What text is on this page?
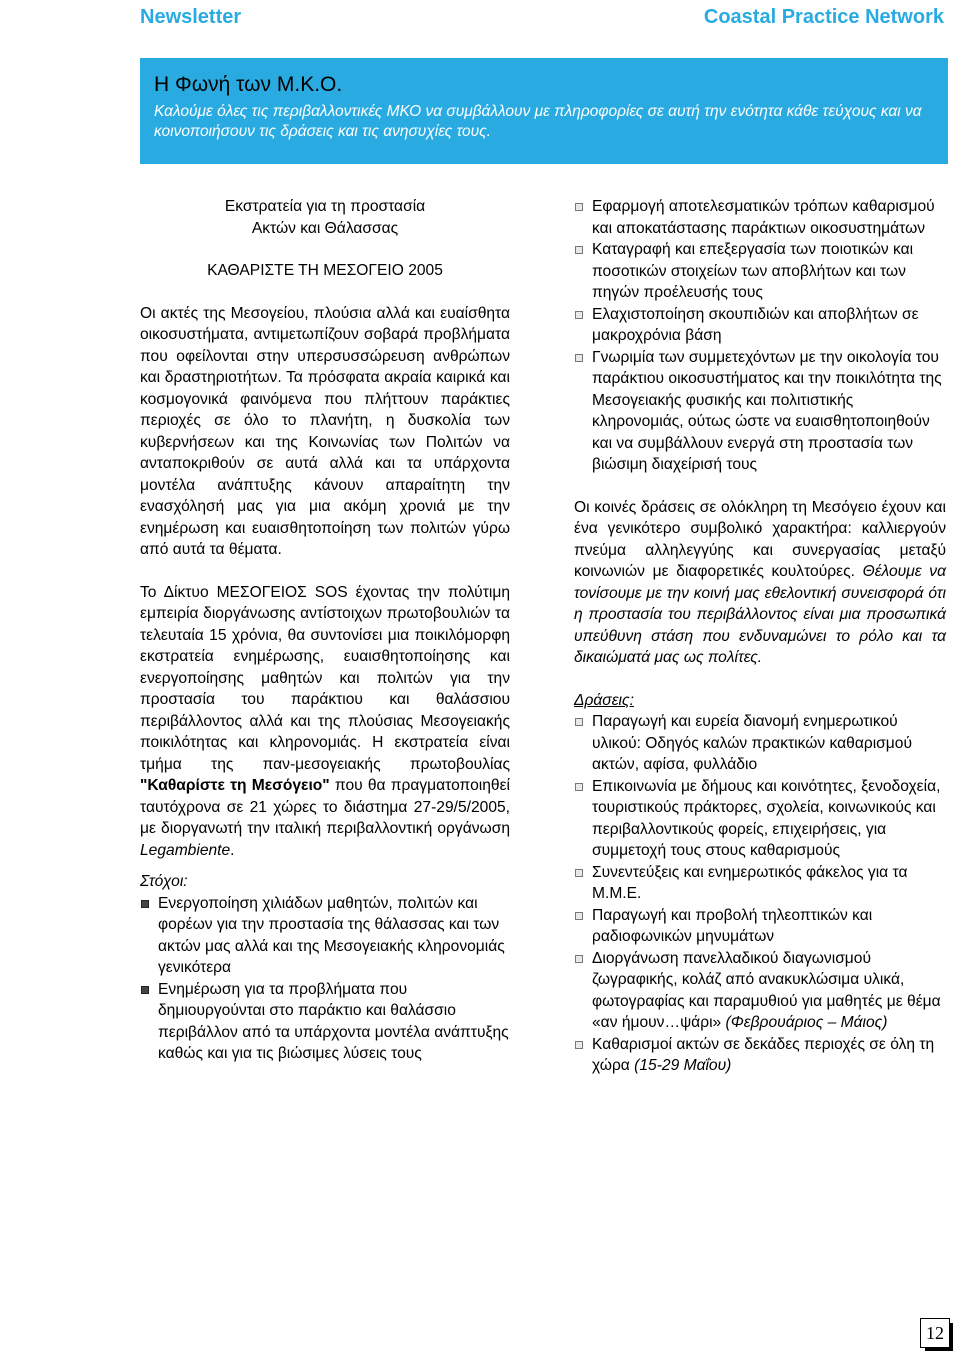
Newsletter	Coastal Practice Network
Η Φωνή των Μ.Κ.Ο.

Καλούμε όλες τις περιβαλλοντικές ΜΚΟ να συμβάλλουν με πληροφορίες σε αυτή την ενότητα κάθε τεύχους και να κοινοποιήσουν τις δράσεις και τις ανησυχίες τους.

Εκστρατεία για τη προστασία
Ακτών και Θάλασσας
ΚΑΘΑΡΙΣΤΕ ΤΗ ΜΕΣΟΓΕΙΟ 2005

Οι ακτές της Μεσογείου, πλούσια αλλά και ευαίσθητα οικοσυστήματα, αντιμετωπίζουν σοβαρά προβλήματα που οφείλονται στην υπερσυσσώρευση ανθρώπων και δραστηριοτήτων. Τα πρόσφατα ακραία καιρικά και κοσμογονικά φαινόμενα που πλήττουν παράκτιες περιοχές σε όλο το πλανήτη, η δυσκολία των κυβερνήσεων και της Κοινωνίας των Πολιτών να ανταποκριθούν σε αυτά αλλά και τα υπάρχοντα μοντέλα ανάπτυξης κάνουν απαραίτητη την ενασχόλησή μας για μια ακόμη χρονιά με την ενημέρωση και ευαισθητοποίηση των πολιτών γύρω από αυτά τα θέματα.

Το Δίκτυο ΜΕΣΟΓΕΙΟΣ SOS έχοντας την πολύτιμη εμπειρία διοργάνωσης αντίστοιχων πρωτοβουλιών τα τελευταία 15 χρόνια, θα συντονίσει μια ποικιλόμορφη εκστρατεία ενημέρωσης, ευαισθητοποίησης και ενεργοποίησης μαθητών και πολιτών για την προστασία του παράκτιου και θαλάσσιου περιβάλλοντος αλλά και της πλούσιας Μεσογειακής ποικιλότητας και κληρονομιάς. Η εκστρατεία είναι τμήμα της παν-μεσογειακής πρωτοβουλίας "Καθαρίστε τη Μεσόγειο" που θα πραγματοποιηθεί ταυτόχρονα σε 21 χώρες το διάστημα 27-29/5/2005, με διοργανωτή την ιταλική περιβαλλοντική οργάνωση Legambiente.

Στόχοι:
Ενεργοποίηση χιλιάδων μαθητών, πολιτών και φορέων για την προστασία της θάλασσας και των ακτών μας αλλά και της Μεσογειακής κληρονομιάς γενικότερα
Ενημέρωση για τα προβλήματα που δημιουργούνται στο παράκτιο και θαλάσσιο περιβάλλον από τα υπάρχοντα μοντέλα ανάπτυξης καθώς και για τις βιώσιμες λύσεις τους
Εφαρμογή αποτελεσματικών τρόπων καθαρισμού και αποκατάστασης παράκτιων οικοσυστημάτων
Καταγραφή και επεξεργασία των ποιοτικών και ποσοτικών στοιχείων των αποβλήτων και των πηγών προέλευσής τους
Ελαχιστοποίηση σκουπιδιών και αποβλήτων σε μακροχρόνια βάση
Γνωριμία των συμμετεχόντων με την οικολογία του παράκτιου οικοσυστήματος και την ποικιλότητα της Μεσογειακής φυσικής και πολιτιστικής κληρονομιάς, ούτως ώστε να ευαισθητοποιηθούν και να συμβάλλουν ενεργά στη προστασία των βιώσιμη διαχείρισή τους

Οι κοινές δράσεις σε ολόκληρη τη Μεσόγειο έχουν και ένα γενικότερο συμβολικό χαρακτήρα: καλλιεργούν πνεύμα αλληλεγγύης και συνεργασίας μεταξύ κοινωνιών με διαφορετικές κουλτούρες. Θέλουμε να τονίσουμε με την κοινή μας εθελοντική συνεισφορά ότι η προστασία του περιβάλλοντος είναι μια προσωπικά υπεύθυνη στάση που ενδυναμώνει το ρόλο και τα δικαιώματά μας ως πολίτες.

Δράσεις:
Παραγωγή και ευρεία διανομή ενημερωτικού υλικού: Οδηγός καλών πρακτικών καθαρισμού ακτών, αφίσα, φυλλάδιο
Επικοινωνία με δήμους και κοινότητες, ξενοδοχεία, τουριστικούς πράκτορες, σχολεία, κοινωνικούς και περιβαλλοντικούς φορείς, επιχειρήσεις, για συμμετοχή τους στους καθαρισμούς
Συνεντεύξεις και ενημερωτικός φάκελος για τα Μ.Μ.Ε.
Παραγωγή και προβολή τηλεοπτικών και ραδιοφωνικών μηνυμάτων
Διοργάνωση πανελλαδικού διαγωνισμού ζωγραφικής, κολάζ από ανακυκλώσιμα υλικά, φωτογραφίας και παραμυθιού για μαθητές με θέμα «αν ήμουν…ψάρι» (Φεβρουάριος – Μάιος)
Καθαρισμοί ακτών σε δεκάδες περιοχές σε όλη τη χώρα (15-29 Μαΐου)
12
